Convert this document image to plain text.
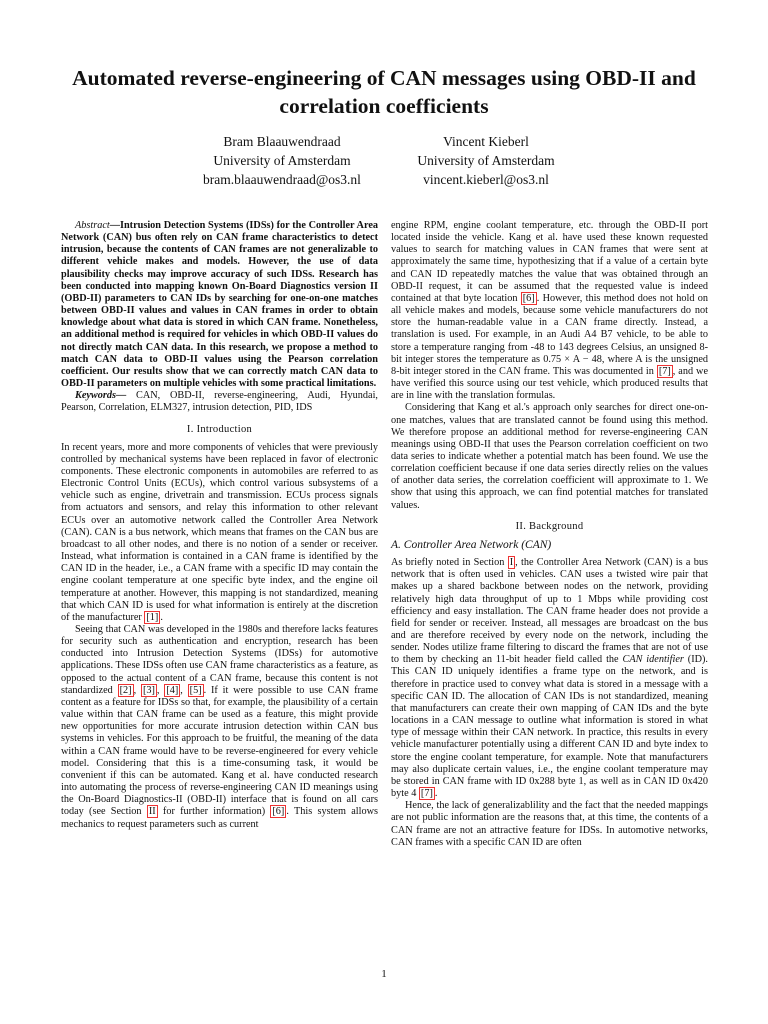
Automated reverse-engineering of CAN messages using OBD-II and correlation coefficients
Bram Blaauwendraad
University of Amsterdam
bram.blaauwendraad@os3.nl
Vincent Kieberl
University of Amsterdam
vincent.kieberl@os3.nl

Abstract—Intrusion Detection Systems (IDSs) for the Controller Area Network (CAN) bus often rely on CAN frame characteristics to detect intrusion, because the contents of CAN frames are not generalizable to different vehicle makes and models. However, the use of data plausibility checks may improve accuracy of such IDSs. Research has been conducted into mapping known On-Board Diagnostics version II (OBD-II) parameters to CAN IDs by searching for one-on-one matches between OBD-II values and values in CAN frames in order to obtain knowledge about what data is stored in which CAN frame. Nonetheless, an additional method is required for vehicles in which OBD-II values do not directly match CAN data. In this research, we propose a method to match CAN data to OBD-II values using the Pearson correlation coefficient. Our results show that we can correctly match CAN data to OBD-II parameters on multiple vehicles with some practical limitations.

Keywords— CAN, OBD-II, reverse-engineering, Audi, Hyundai, Pearson, Correlation, ELM327, intrusion detection, PID, IDS

I. Introduction

In recent years, more and more components of vehicles that were previously controlled by mechanical systems have been replaced in favor of electronic components. These electronic components in automobiles are referred to as Electronic Control Units (ECUs), which control various subsystems of a vehicle such as engine, drivetrain and transmission. ECUs process signals from actuators and sensors, and relay this information to other relevant ECUs over an automotive network called the Controller Area Network (CAN). CAN is a bus network, which means that frames on the CAN bus are broadcast to all other nodes, and there is no notion of a sender or receiver. Instead, what information is contained in a CAN frame is identified by the CAN ID in the header, i.e., a CAN frame with a specific ID may contain the engine coolant temperature at one specific byte index, and the engine oil temperature at another. However, this mapping is not standardized, meaning that which CAN ID is used for what information is entirely at the discretion of the manufacturer [1] .

Seeing that CAN was developed in the 1980s and therefore lacks features for security such as authentication and encryption, research has been conducted into Intrusion Detection Systems (IDSs) for automotive applications. These IDSs often use CAN frame characteristics as a feature, as opposed to the actual content of a CAN frame, because this content is not standardized [2] , [3] , [4] , [5] . If it were possible to use CAN frame content as a feature for IDSs so that, for example, the plausibility of a certain value within that CAN frame can be used as a feature, this might provide new opportunities for more accurate intrusion detection within CAN bus systems in vehicles. For this approach to be fruitful, the meaning of the data within a CAN frame would have to be reverse-engineered for every vehicle model. Considering that this is a time-consuming task, it would be convenient if this can be automated. Kang et al. have conducted research into automating the process of reverse-engineering CAN ID meanings using the On-Board Diagnostics-II (OBD-II) interface that is found on all cars today (see Section II for further information) [6] . This system allows mechanics to request parameters such as current

engine RPM, engine coolant temperature, etc. through the OBD-II port located inside the vehicle. Kang et al. have used these known requested values to search for matching values in CAN frames that were sent at approximately the same time, hypothesizing that if a value of a certain byte and CAN ID repeatedly matches the value that was obtained through an OBD-II request, it can be assumed that the requested value is indeed contained at that byte location [6] . However, this method does not hold on all vehicle makes and models, because some vehicle manufacturers do not store the human-readable value in a CAN frame directly. Instead, a translation is used. For example, in an Audi A4 B7 vehicle, to be able to store a temperature ranging from -48 to 143 degrees Celsius, an unsigned 8-bit integer stores the temperature as 0.75 × A − 48, where A is the unsigned 8-bit integer stored in the CAN frame. This was documented in [7] , and we have verified this source using our test vehicle, which produced results that are in line with the translation formulas.

Considering that Kang et al.'s approach only searches for direct one-on-one matches, values that are translated cannot be found using this method. We therefore propose an additional method for reverse-engineering CAN meanings using OBD-II that uses the Pearson correlation coefficient on two data series to indicate whether a potential match has been found. We use the correlation coefficient because if one data series directly relies on the values of another data series, the correlation coefficient will approximate to 1. We show that using this approach, we can find potential matches for translated values.

II. Background
A. Controller Area Network (CAN)

As briefly noted in Section I , the Controller Area Network (CAN) is a bus network that is often used in vehicles. CAN uses a twisted wire pair that makes up a shared backbone between nodes on the network, providing relatively high data throughput of up to 1 Mbps while providing cost efficiency and easy installation. The CAN frame header does not provide a field for sender or receiver. Instead, all messages are broadcast on the bus and are therefore received by every node on the network, including the sender. Nodes utilize frame filtering to discard the frames that are not of use to them by checking an 11-bit header field called the CAN identifier (ID). This CAN ID uniquely identifies a frame type on the network, and is therefore in practice used to convey what data is stored in a message with a specific CAN ID. The allocation of CAN IDs is not standardized, meaning that manufacturers can create their own mapping of CAN IDs and the byte locations in a CAN message to outline what information is stored in what type of message within their CAN network. In practice, this results in every vehicle manufacturer potentially using a different CAN ID and byte index to store the engine coolant temperature, for example. Note that manufacturers may also duplicate certain values, i.e., the engine coolant temperature may be stored in CAN frame with ID 0x288 byte 1, as well as in CAN ID 0x420 byte 4 [7] .

Hence, the lack of generalizablility and the fact that the needed mappings are not public information are the reasons that, at this time, the contents of a CAN frame are not an attractive feature for IDSs. In automotive networks, CAN frames with a specific CAN ID are often

1
